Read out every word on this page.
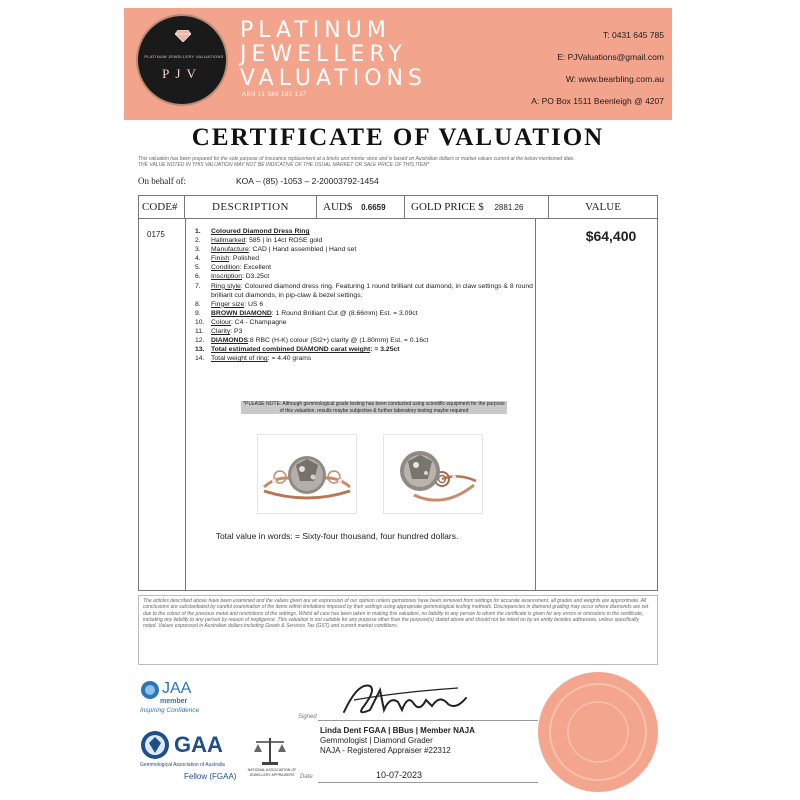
PLATINUM JEWELLERY VALUATIONS
PJV
PLATINUM
JEWELLERY
VALUATIONS
ABN 11 588 192 137
T: 0431 645 785
E: PJValuations@gmail.com
W: www.bearbling.com.au
A: PO Box 1511 Beenleigh @ 4207
CERTIFICATE OF VALUATION
This valuation has been prepared for the sole purpose of insurance replacement at a bricks and mortar store and is based on Australian dollars or market values current at the below mentioned date.
THE VALUE NOTED IN THIS VALUATION MAY NOT BE INDICATIVE OF THE USUAL MARKET OR SALE PRICE OF THIS ITEM*
On behalf of:	KOA – (85) -1053 – 2-20003792-1454
CODE#	DESCRIPTION	AUD$ 0.6659	GOLD PRICE $ 2881.26	VALUE
0175	$64,400
1. Coloured Diamond Dress Ring
2. Hallmarked: 585 | In 14ct ROSE gold
3. Manufacture: CAD | Hand assembled | Hand set
4. Finish: Polished
5. Condition: Excellent
6. Inscription: D3.25ct
7. Ring style: Coloured diamond dress ring. Featuring 1 round brilliant cut diamond, in claw settings & 8 round brilliant cut diamonds, in pip-claw & bezel settings.
8. Finger size: US 6
9. BROWN DIAMOND: 1 Round Brilliant Cut @ (8.66mm) Est. = 3.09ct
10. Colour: C4 - Champagne
11. Clarity: P3
12. DIAMONDS:8 RBC (H-K) colour (SI2+) clarity @ (1.80mm) Est. = 0.16ct
13. Total estimated combined DIAMOND carat weight: = 3.25ct
14. Total weight of ring: = 4.40 grams
*PLEASE NOTE: Although gemmological grade testing has been conducted using scientific equipment for the purpose of this valuation, results maybe subjective & further laboratory testing maybe required
Total value in words: = Sixty-four thousand, four hundred dollars.
The articles described above have been examined and the values given are an expression of our opinion unless gemstones have been removed from settings for accurate assessment, all grades and weights are approximate. All conclusions are substantiated by careful examination of the items within limitations imposed by their settings using appropriate gemmological testing methods. Discrepancies in diamond grading may occur where diamonds are set due to the colour of the precious metal and restrictions of the settings. Whilst all care has been taken in making this valuation, no liability to any person to whom the certificate is given for any errors or omissions in the certificate, including any liability to any person by reason of negligence. This valuation is not suitable for any purpose other than the purpose(s) stated above and should not be relied on by an entity besides addressee, unless specifically noted. Values expressed in Australian dollars including Goods & Services Tax (GST) and current market conditions.
JAA
member
Inspiring Confidence
GAA
Gemmological Association of Australia
Fellow (FGAA)
NATIONAL ASSOCIATION OF JEWELLERY APPRAISERS
Signed
Linda Dent FGAA | BBus | Member NAJA
Gemmologist | Diamond Grader
NAJA - Registered Appraiser #22312
Date	10-07-2023
